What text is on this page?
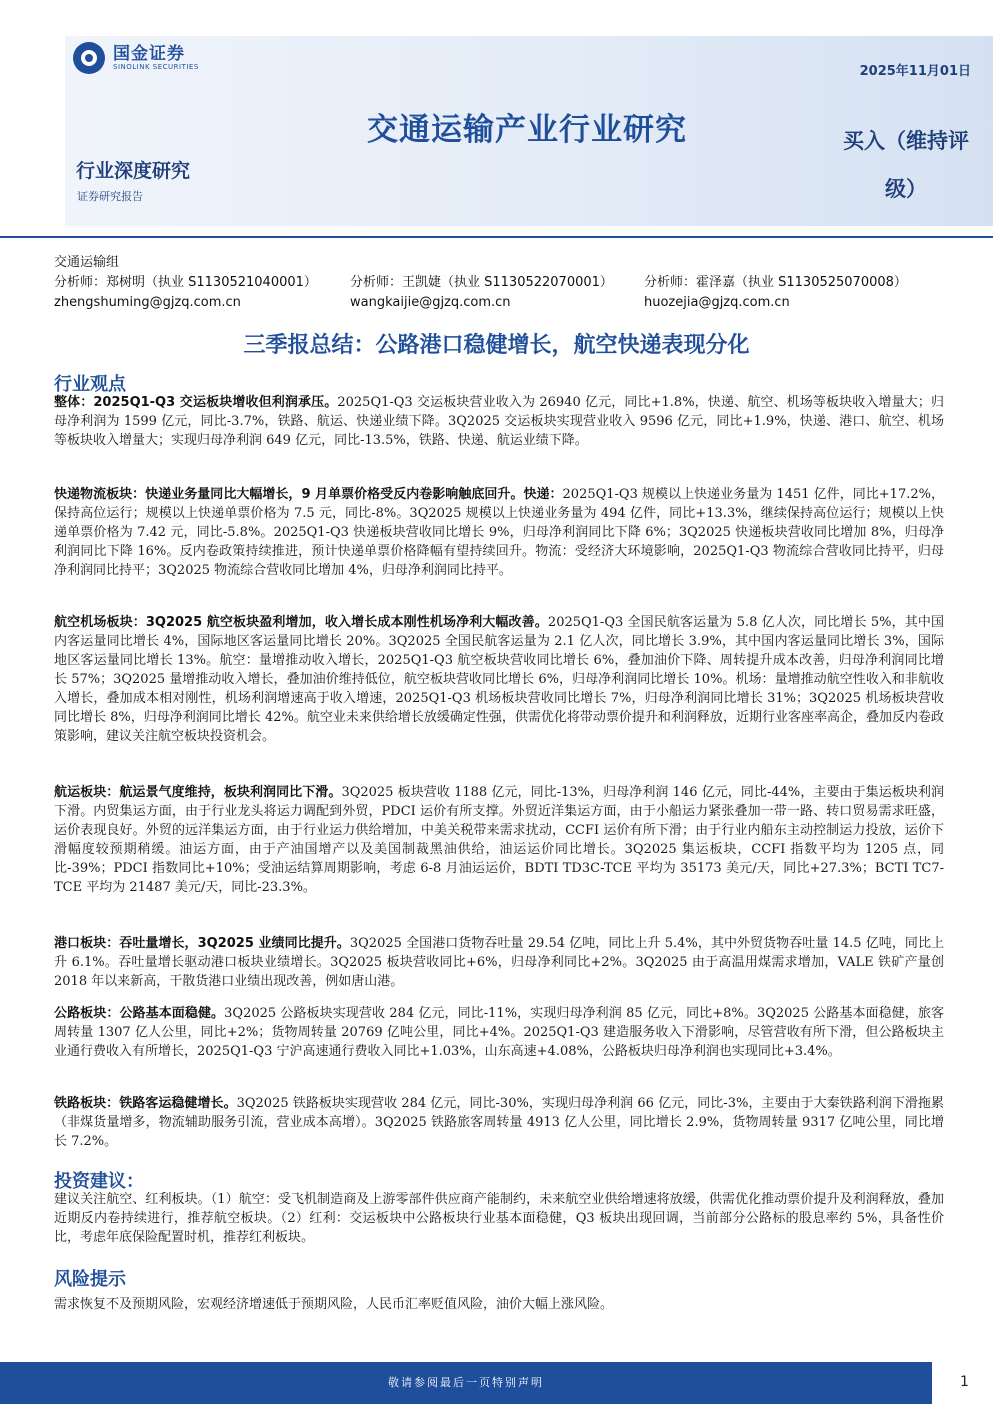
国金证券
SINOLINK SECURITIES	2025年11月01日
交通运输产业行业研究	买入（维持评级）
行业深度研究
证券研究报告
交通运输组
分析师：郑树明（执业 S1130521040001）	分析师：王凯婕（执业 S1130522070001） 分析师：霍泽嘉（执业 S1130525070008）
zhengshuming@gjzq.com.cn	wangkaijie@gjzq.com.cn	huozejia@gjzq.com.cn
三季报总结：公路港口稳健增长，航空快递表现分化
行业观点
整体：2025Q1-Q3 交运板块增收但利润承压。2025Q1-Q3 交运板块营业收入为 26940 亿元，同比+1.8%，快递、航空、机场等板块收入增量大；归母净利润为 1599 亿元，同比-3.7%，铁路、航运、快递业绩下降。3Q2025 交运板块实现营业收入 9596 亿元，同比+1.9%，快递、港口、航空、机场等板块收入增量大；实现归母净利润 649 亿元，同比-13.5%，铁路、快递、航运业绩下降。
快递物流板块：快递业务量同比大幅增长，9 月单票价格受反内卷影响触底回升。快递：2025Q1-Q3 规模以上快递业务量为 1451 亿件，同比+17.2%，保持高位运行；规模以上快递单票价格为 7.5 元，同比-8%。3Q2025 规模以上快递业务量为 494 亿件，同比+13.3%，继续保持高位运行；规模以上快递单票价格为 7.42 元，同比-5.8%。2025Q1-Q3 快递板块营收同比增长 9%，归母净利润同比下降 6%；3Q2025 快递板块营收同比增加 8%，归母净利润同比下降 16%。反内卷政策持续推进，预计快递单票价格降幅有望持续回升。物流：受经济大环境影响，2025Q1-Q3 物流综合营收同比持平，归母净利润同比持平；3Q2025 物流综合营收同比增加 4%，归母净利润同比持平。
航空机场板块：3Q2025 航空板块盈利增加，收入增长成本刚性机场净利大幅改善。2025Q1-Q3 全国民航客运量为 5.8 亿人次，同比增长 5%，其中国内客运量同比增长 4%，国际地区客运量同比增长 20%。3Q2025 全国民航客运量为 2.1 亿人次，同比增长 3.9%，其中国内客运量同比增长 3%，国际地区客运量同比增长 13%。航空：量增推动收入增长，2025Q1-Q3 航空板块营收同比增长 6%，叠加油价下降、周转提升成本改善，归母净利润同比增长 57%；3Q2025 量增推动收入增长，叠加油价维持低位，航空板块营收同比增长 6%，归母净利润同比增长 10%。机场：量增推动航空性收入和非航收入增长，叠加成本相对刚性，机场利润增速高于收入增速，2025Q1-Q3 机场板块营收同比增长 7%，归母净利润同比增长 31%；3Q2025 机场板块营收同比增长 8%，归母净利润同比增长 42%。航空业未来供给增长放缓确定性强，供需优化将带动票价提升和利润释放，近期行业客座率高企，叠加反内卷政策影响，建议关注航空板块投资机会。
航运板块：航运景气度维持，板块利润同比下滑。3Q2025 板块营收 1188 亿元，同比-13%，归母净利润 146 亿元，同比-44%，主要由于集运板块利润下滑。内贸集运方面，由于行业龙头将运力调配到外贸，PDCI 运价有所支撑。外贸近洋集运方面，由于小船运力紧张叠加一带一路、转口贸易需求旺盛，运价表现良好。外贸的远洋集运方面，由于行业运力供给增加，中美关税带来需求扰动，CCFI 运价有所下滑；由于行业内船东主动控制运力投放，运价下滑幅度较预期稍缓。油运方面，由于产油国增产以及美国制裁黑油供给，油运运价同比增长。3Q2025 集运板块，CCFI 指数平均为 1205 点，同比-39%；PDCI 指数同比+10%；受油运结算周期影响，考虑 6-8 月油运运价，BDTI TD3C-TCE 平均为 35173 美元/天，同比+27.3%；BCTI TC7-TCE 平均为 21487 美元/天，同比-23.3%。
港口板块：吞吐量增长，3Q2025 业绩同比提升。3Q2025 全国港口货物吞吐量 29.54 亿吨，同比上升 5.4%，其中外贸货物吞吐量 14.5 亿吨，同比上升 6.1%。吞吐量增长驱动港口板块业绩增长。3Q2025 板块营收同比+6%，归母净利同比+2%。3Q2025 由于高温用煤需求增加，VALE 铁矿产量创 2018 年以来新高，干散货港口业绩出现改善，例如唐山港。
公路板块：公路基本面稳健。3Q2025 公路板块实现营收 284 亿元，同比-11%，实现归母净利润 85 亿元，同比+8%。3Q2025 公路基本面稳健，旅客周转量 1307 亿人公里，同比+2%；货物周转量 20769 亿吨公里，同比+4%。2025Q1-Q3 建造服务收入下滑影响，尽管营收有所下滑，但公路板块主业通行费收入有所增长，2025Q1-Q3 宁沪高速通行费收入同比+1.03%，山东高速+4.08%，公路板块归母净利润也实现同比+3.4%。
铁路板块：铁路客运稳健增长。3Q2025 铁路板块实现营收 284 亿元，同比-30%，实现归母净利润 66 亿元，同比-3%，主要由于大秦铁路利润下滑拖累（非煤货量增多，物流辅助服务引流，营业成本高增）。3Q2025 铁路旅客周转量 4913 亿人公里，同比增长 2.9%，货物周转量 9317 亿吨公里，同比增长 7.2%。
投资建议：
建议关注航空、红利板块。（1）航空：受飞机制造商及上游零部件供应商产能制约，未来航空业供给增速将放缓，供需优化推动票价提升及利润释放，叠加近期反内卷持续进行，推荐航空板块。（2）红利：交运板块中公路板块行业基本面稳健，Q3 板块出现回调，当前部分公路标的股息率约 5%，具备性价比，考虑年底保险配置时机，推荐红利板块。
风险提示
需求恢复不及预期风险，宏观经济增速低于预期风险，人民币汇率贬值风险，油价大幅上涨风险。
敬请参阅最后一页特别声明	1
